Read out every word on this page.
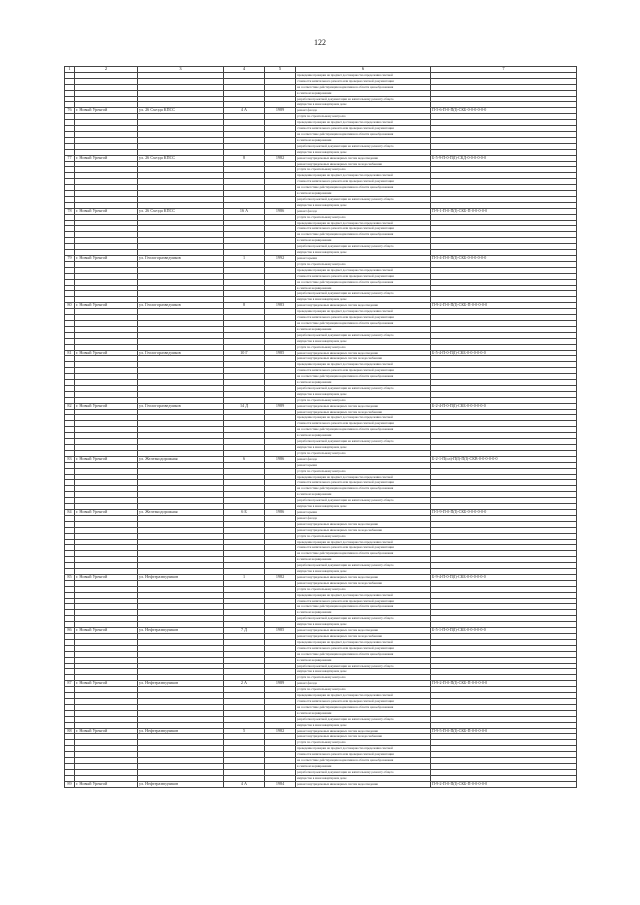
122
1	2	3	4	5	6	7
					проведение проверки на предмет достоверности определения сметной	
					стоимости капитального ремонта или проверки сметной документации	
					на соответствие действующим нормативам в области ценообразования	
					в сметном нормировании	
					разработка проектной документации на капитальному ремонту общего	
					имущества в многоквартирном доме	
76	г. Новый Уренгой	ул. 26 Съезда КПСС	4 А	1989	ремонт фасада	П-5-6-П-0-П(I)-СКБ-0-0-0-0-0-0
					услуги по строительному контролю	
					проведение проверки на предмет достоверности определения сметной	
					стоимости капитального ремонта или проверки сметной документации	
					на соответствие действующим нормативам в области ценообразования	
					в сметном нормировании	
					разработка проектной документации на капитальному ремонту общего	
					имущества в многоквартирном доме	
77	г. Новый Уренгой	ул. 26 Съезда КПСС	8	1982	ремонт внутридомовых инженерных систем водоотведения	Б-5-9-П-0-П(I)-СКД-0-0-0-0-0-0
					ремонт внутридомовых инженерных систем холодоснабжения	
					услуги по строительному контролю	
					проведение проверки на предмет достоверности определения сметной	
					стоимости капитального ремонта или проверки сметной документации	
					на соответствие действующим нормативам в области ценообразования	
					в сметном нормировании	
					разработка проектной документации на капитальному ремонту общего	
					имущества в многоквартирном доме	
78	г. Новый Уренгой	ул. 26 Съезда КПСС	16 А	1986	ремонт фасада	П-9-1-П-0-П(I)-СКБ-П-0-0-0-0-0
					услуги по строительному контролю	
					проведение проверки на предмет достоверности определения сметной	
					стоимости капитального ремонта или проверки сметной документации	
					на соответствие действующим нормативам в области ценообразования	
					в сметном нормировании	
					разработка проектной документации на капитальному ремонту общего	
					имущества в многоквартирном доме	
79	г. Новый Уренгой	ул. Геологоразведчиков	1	1992	ремонт крыши	П-5-4-П-0-П(I)-СКБ-0-0-0-0-0-0
					услуги по строительному контролю	
					проведение проверки на предмет достоверности определения сметной	
					стоимости капитального ремонта или проверки сметной документации	
					на соответствие действующим нормативам в области ценообразования	
					в сметном нормировании	
					разработка проектной документации на капитальному ремонту общего	
					имущества в многоквартирном доме	
80	г. Новый Уренгой	ул. Геологоразведчиков	8	1983	ремонт внутридомовых инженерных систем водоотведения	П-9-2-П-0-П(I)-СКБ-П-0-0-0-0-0
					проведение проверки на предмет достоверности определения сметной	
					стоимости капитального ремонта или проверки сметной документации	
					на соответствие действующим нормативам в области ценообразования	
					в сметном нормировании	
					разработка проектной документации на капитальному ремонту общего	
					имущества в многоквартирном доме	
					услуги по строительному контролю	
81	г. Новый Уренгой	ул. Геологоразведчиков	10 Г	1985	ремонт внутридомовых инженерных систем водоотведения	Б-5-4-П-0-П(I)-СКБ-0-0-0-0-0-0
					ремонт внутридомовых инженерных систем холодоснабжения	
					проведение проверки на предмет достоверности определения сметной	
					стоимости капитального ремонта или проверки сметной документации	
					на соответствие действующим нормативам в области ценообразования	
					в сметном нормировании	
					разработка проектной документации на капитальному ремонту общего	
					имущества в многоквартирном доме	
					услуги по строительному контролю	
82	г. Новый Уренгой	ул. Геологоразведчиков	14 Д	1989	ремонт внутридомовых инженерных систем водоотведения	Б-2-4-П-0-П(I)-СКБ-0-0-0-0-0-0
					ремонт внутридомовых инженерных систем холодоснабжения	
					проведение проверки на предмет достоверности определения сметной	
					стоимости капитального ремонта или проверки сметной документации	
					на соответствие действующим нормативам в области ценообразования	
					в сметном нормировании	
					разработка проектной документации на капитальному ремонту общего	
					имущества в многоквартирном доме	
					услуги по строительному контролю	
83	г. Новый Уренгой	ул. Железнодорожная	6	1986	ремонт фасада	Б-2-1-П(ол)-П(I)-П(I)-СКВ-0-0-0-0-0-0
					ремонт крыши	
					услуги по строительному контролю	
					проведение проверки на предмет достоверности определения сметной	
					стоимости капитального ремонта или проверки сметной документации	
					на соответствие действующим нормативам в области ценообразования	
					в сметном нормировании	
					разработка проектной документации на капитальному ремонту общего	
					имущества в многоквартирном доме	
84	г. Новый Уренгой	ул. Железнодорожная	6 Б	1986	ремонт крыши	П-5-9-П-0-П(I)-СКБ-0-0-0-0-0-0
					ремонт фасада	
					ремонт внутридомовых инженерных систем водоотведения	
					ремонт внутридомовых инженерных систем холодоснабжения	
					услуги по строительному контролю	
					проведение проверки на предмет достоверности определения сметной	
					стоимости капитального ремонта или проверки сметной документации	
					на соответствие действующим нормативам в области ценообразования	
					в сметном нормировании	
					разработка проектной документации на капитальному ремонту общего	
					имущества в многоквартирном доме	
85	г. Новый Уренгой	ул. Нефтеразведчиков	1	1982	ремонт внутридомовых инженерных систем водоотведения	Б-9-4-П-0-П(I)-СКБ-0-0-0-0-0-0
					ремонт внутридомовых инженерных систем холодоснабжения	
					услуги по строительному контролю	
					проведение проверки на предмет достоверности определения сметной	
					стоимости капитального ремонта или проверки сметной документации	
					на соответствие действующим нормативам в области ценообразования	
					в сметном нормировании	
					разработка проектной документации на капитальному ремонту общего	
					имущества в многоквартирном доме	
86	г. Новый Уренгой	ул. Нефтеразведчиков	7 Д	1985	ремонт внутридомовых инженерных систем водоотведения	Б-5-1-П-0-П(I)-СКБ-0-0-0-0-0-0
					ремонт внутридомовых инженерных систем холодоснабжения	
					проведение проверки на предмет достоверности определения сметной	
					стоимости капитального ремонта или проверки сметной документации	
					на соответствие действующим нормативам в области ценообразования	
					в сметном нормировании	
					разработка проектной документации на капитальному ремонту общего	
					имущества в многоквартирном доме	
					услуги по строительному контролю	
87	г. Новый Уренгой	ул. Нефтеразведчиков	2 А	1989	ремонт фасада	П-9-2-П-0-П(I)-СКБ-П-0-0-0-0-0
					услуги по строительному контролю	
					проведение проверки на предмет достоверности определения сметной	
					стоимости капитального ремонта или проверки сметной документации	
					на соответствие действующим нормативам в области ценообразования	
					в сметном нормировании	
					разработка проектной документации на капитальному ремонту общего	
					имущества в многоквартирном доме	
88	г. Новый Уренгой	ул. Нефтеразведчиков	5	1982	ремонт внутридомовых инженерных систем водоотведения	П-9-5-П-0-П(I)-СКБ-П-0-0-0-0-0
					ремонт внутридомовых инженерных систем холодоснабжения	
					услуги по строительному контролю	
					проведение проверки на предмет достоверности определения сметной	
					стоимости капитального ремонта или проверки сметной документации	
					на соответствие действующим нормативам в области ценообразования	
					в сметном нормировании	
					разработка проектной документации на капитальному ремонту общего	
					имущества в многоквартирном доме	
89	г. Новый Уренгой	ул. Нефтеразведчиков	4 А	1984	ремонт внутридомовых инженерных систем водоотведения	П-9-2-П-0-П(I)-СКБ-П-0-0-0-0-0
